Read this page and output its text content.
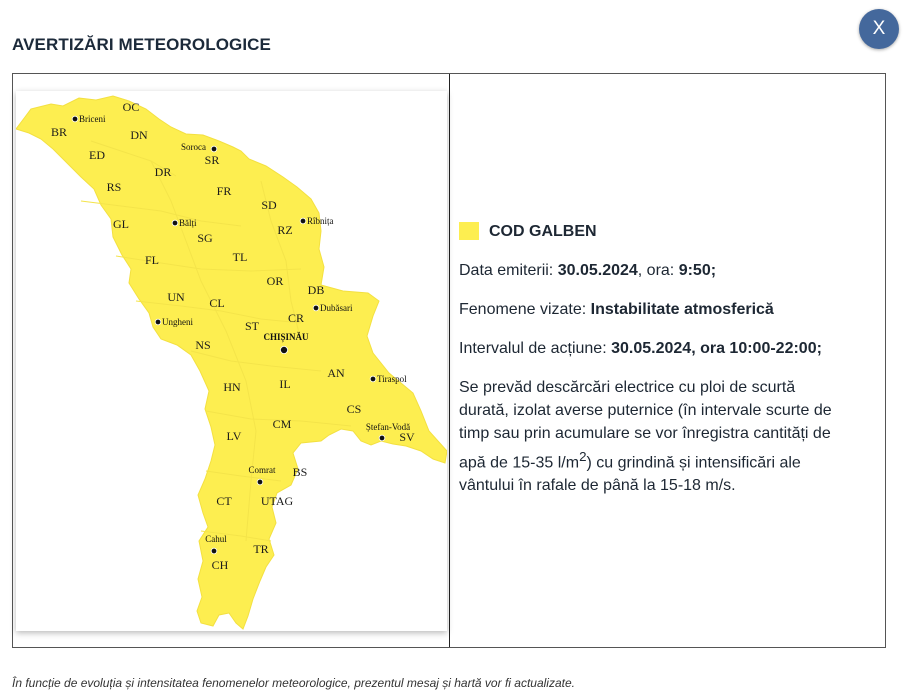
AVERTIZĂRI METEOROLOGICE
X
OC
BR	DN
ED	SR
DR
RS	FR
SD
GL	RZ
SG
FL	TL
OR
UN	DB
CL
CR
ST
NS
AN
HN	IL
CS
CM
SV
LV
BS
CT UTAG
TR
CH
Briceni
Soroca
Bălți	Rîbnița
Dubăsari
Ungheni
CHIȘINĂU
Tiraspol
Ștefan-Vodă
Comrat
Cahul
COD GALBEN

Data emiterii: 30.05.2024, ora: 9:50;

Fenomene vizate: Instabilitate atmosferică

Intervalul de acțiune: 30.05.2024, ora 10:00-22:00;

Se prevăd descărcări electrice cu ploi de scurtă durată, izolat averse puternice (în intervale scurte de timp sau prin acumulare se vor înregistra cantități de apă de 15-35 $l/m^2$) cu grindină și intensificări ale vântului în rafale de până la 15-18 m/s.

În funcție de evoluția și intensitatea fenomenelor meteorologice, prezentul mesaj și hartă vor fi actualizate.
